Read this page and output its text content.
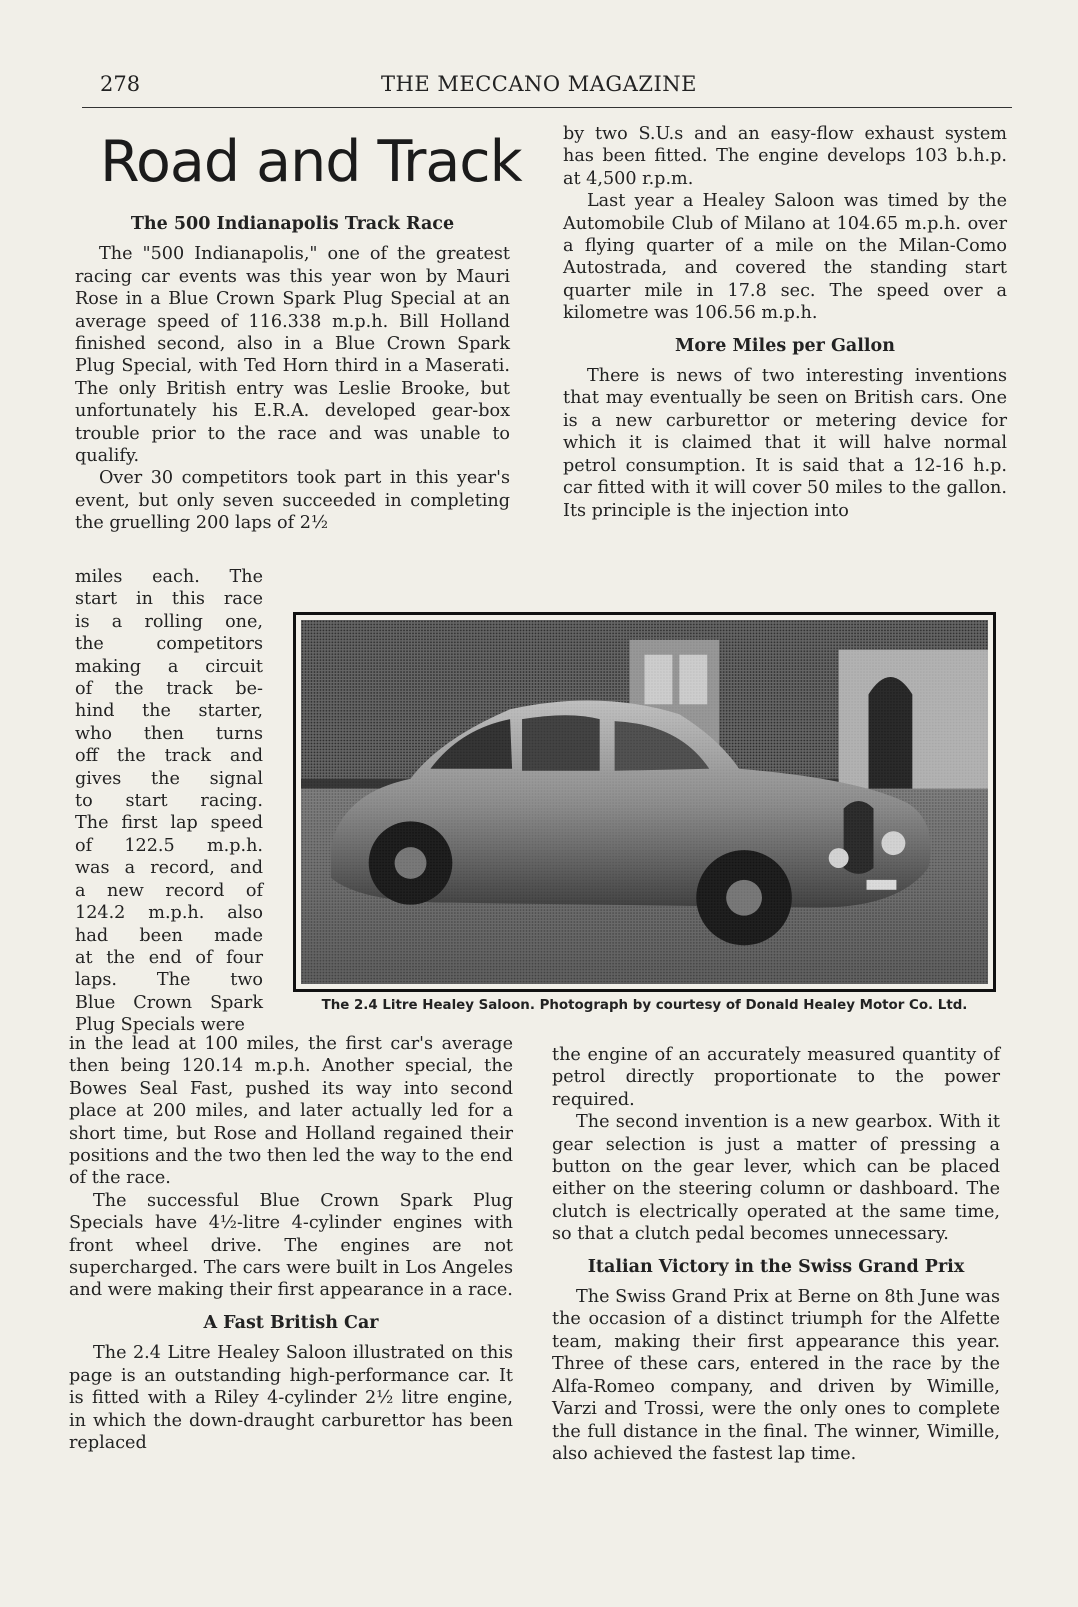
278	THE MECCANO MAGAZINE
Road and Track
The 500 Indianapolis Track Race

The "500 Indianapolis," one of the greatest racing car events was this year won by Mauri Rose in a Blue Crown Spark Plug Special at an average speed of 116.338 m.p.h. Bill Holland finished second, also in a Blue Crown Spark Plug Special, with Ted Horn third in a Maserati. The only British entry was Leslie Brooke, but unfortunately his E.R.A. developed gear-box trouble prior to the race and was unable to qualify.

Over 30 competitors took part in this year's event, but only seven succeeded in completing the gruelling 200 laps of 2½

miles each. The
start in this race
is a rolling one,
the competitors
making a circuit
of the track be-
hind the starter,
who then turns
off the track and
gives the signal
to start racing.
The first lap speed
of 122.5 m.p.h.
was a record, and
a new record of
124.2 m.p.h. also
had been made
at the end of four
laps. The two
Blue Crown Spark
Plug Specials were

in the lead at 100 miles, the first car's average then being 120.14 m.p.h. Another special, the Bowes Seal Fast, pushed its way into second place at 200 miles, and later actually led for a short time, but Rose and Holland regained their positions and the two then led the way to the end of the race.

The successful Blue Crown Spark Plug Specials have 4½-litre 4-cylinder engines with front wheel drive. The engines are not supercharged. The cars were built in Los Angeles and were making their first appearance in a race.

A Fast British Car

The 2.4 Litre Healey Saloon illustrated on this page is an outstanding high-performance car. It is fitted with a Riley 4-cylinder 2½ litre engine, in which the down-draught carburettor has been replaced

by two S.U.s and an easy-flow exhaust system has been fitted. The engine develops 103 b.h.p. at 4,500 r.p.m.

Last year a Healey Saloon was timed by the Automobile Club of Milano at 104.65 m.p.h. over a flying quarter of a mile on the Milan-Como Autostrada, and covered the standing start quarter mile in 17.8 sec. The speed over a kilometre was 106.56 m.p.h.

More Miles per Gallon

There is news of two interesting inventions that may eventually be seen on British cars. One is a new carburettor or metering device for which it is claimed that it will halve normal petrol consumption. It is said that a 12-16 h.p. car fitted with it will cover 50 miles to the gallon. Its principle is the injection into

The 2.4 Litre Healey Saloon. Photograph by courtesy of Donald Healey Motor Co. Ltd.

the engine of an accurately measured quantity of petrol directly proportionate to the power required.

The second invention is a new gearbox. With it gear selection is just a matter of pressing a button on the gear lever, which can be placed either on the steering column or dashboard. The clutch is electrically operated at the same time, so that a clutch pedal becomes unnecessary.

Italian Victory in the Swiss Grand Prix

The Swiss Grand Prix at Berne on 8th June was the occasion of a distinct triumph for the Alfette team, making their first appearance this year. Three of these cars, entered in the race by the Alfa-Romeo company, and driven by Wimille, Varzi and Trossi, were the only ones to complete the full distance in the final. The winner, Wimille, also achieved the fastest lap time.
